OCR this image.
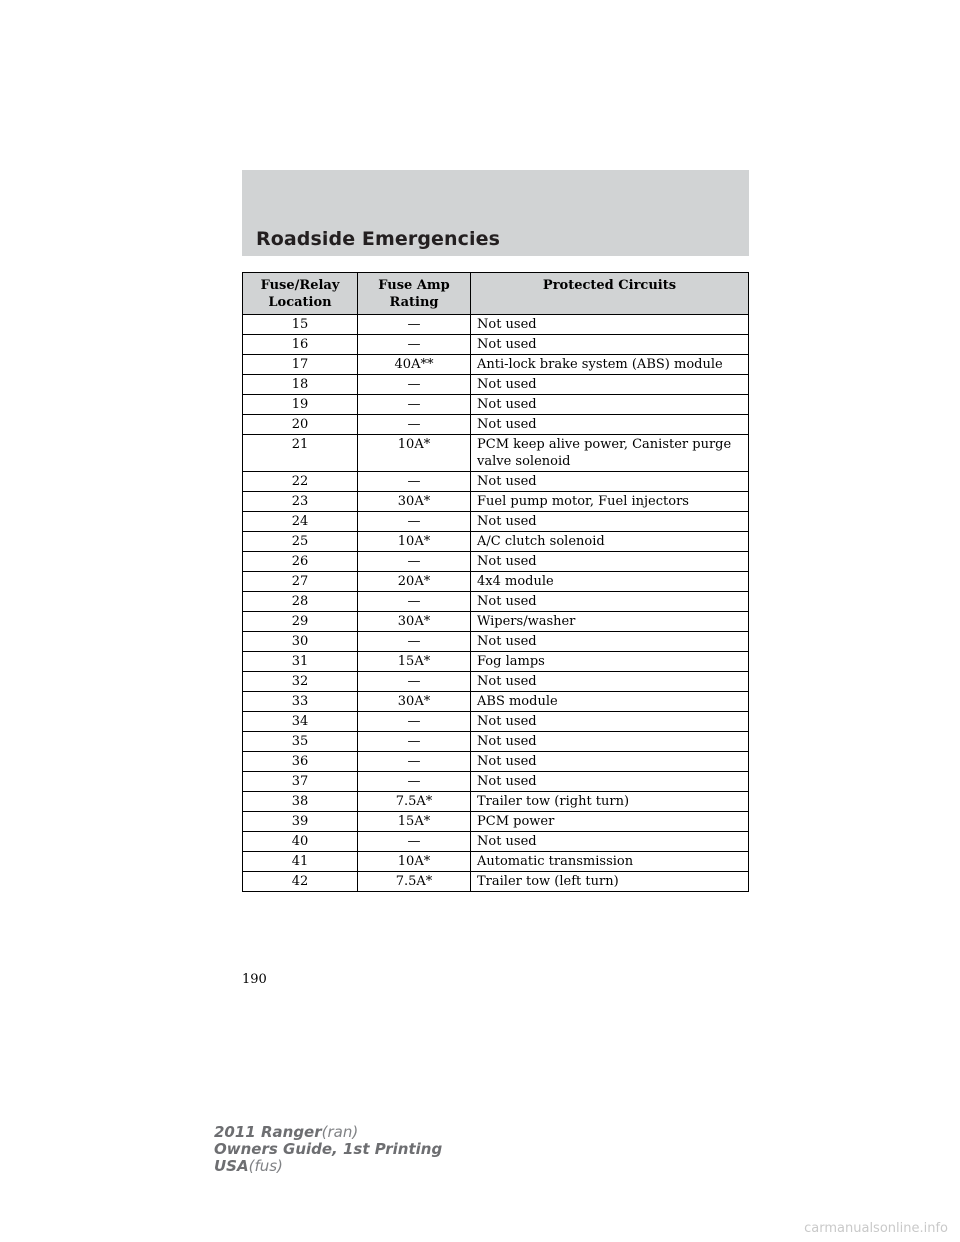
Roadside Emergencies
Fuse/Relay Location	Fuse Amp Rating	Protected Circuits
15	—	Not used
16	—	Not used
17	40A**	Anti-lock brake system (ABS) module
18	—	Not used
19	—	Not used
20	—	Not used
21	10A*	PCM keep alive power, Canister purge valve solenoid
22	—	Not used
23	30A*	Fuel pump motor, Fuel injectors
24	—	Not used
25	10A*	A/C clutch solenoid
26	—	Not used
27	20A*	4x4 module
28	—	Not used
29	30A*	Wipers/washer
30	—	Not used
31	15A*	Fog lamps
32	—	Not used
33	30A*	ABS module
34	—	Not used
35	—	Not used
36	—	Not used
37	—	Not used
38	7.5A*	Trailer tow (right turn)
39	15A*	PCM power
40	—	Not used
41	10A*	Automatic transmission
42	7.5A*	Trailer tow (left turn)
190
2011 Ranger(ran)
Owners Guide, 1st Printing
USA(fus)
carmanualsonline.info
